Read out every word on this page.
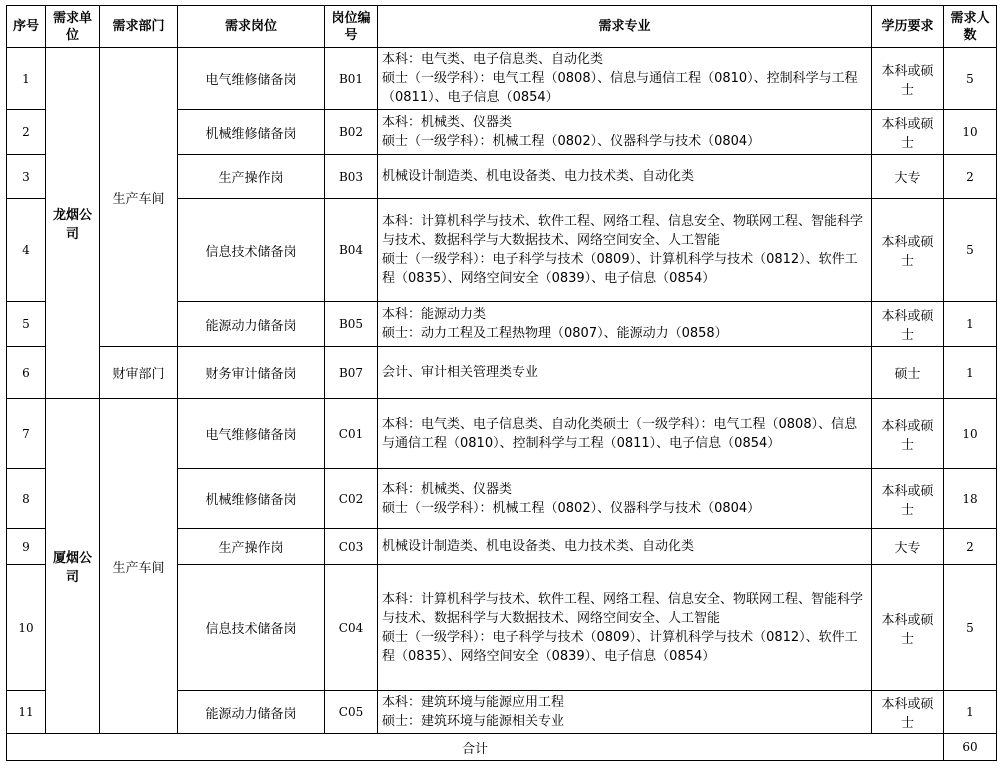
序号	需求单位	需求部门	需求岗位	岗位编号	需求专业	学历要求	需求人数
1	龙烟公司	生产车间	电气维修储备岗	B01	本科：电气类、电子信息类、自动化类
硕士（一级学科）：电气工程（0808）、信息与通信工程（0810）、控制科学与工程（0811）、电子信息（0854）	本科或硕士	5
2			机械维修储备岗	B02	本科：机械类、仪器类
硕士（一级学科）：机械工程（0802）、仪器科学与技术（0804）	本科或硕士	10
3			生产操作岗	B03	机械设计制造类、机电设备类、电力技术类、自动化类	大专	2
4			信息技术储备岗	B04	本科：计算机科学与技术、软件工程、网络工程、信息安全、物联网工程、智能科学与技术、数据科学与大数据技术、网络空间安全、人工智能
硕士（一级学科）：电子科学与技术（0809）、计算机科学与技术（0812）、软件工程（0835）、网络空间安全（0839）、电子信息（0854）	本科或硕士	5
5			能源动力储备岗	B05	本科：能源动力类
硕士：动力工程及工程热物理（0807）、能源动力（0858）	本科或硕士	1
6		财审部门	财务审计储备岗	B07	会计、审计相关管理类专业	硕士	1
7	厦烟公司	生产车间	电气维修储备岗	C01	本科：电气类、电子信息类、自动化类硕士（一级学科）：电气工程（0808）、信息与通信工程（0810）、控制科学与工程（0811）、电子信息（0854）	本科或硕士	10
8			机械维修储备岗	C02	本科：机械类、仪器类
硕士（一级学科）：机械工程（0802）、仪器科学与技术（0804）	本科或硕士	18
9			生产操作岗	C03	机械设计制造类、机电设备类、电力技术类、自动化类	大专	2
10			信息技术储备岗	C04	本科：计算机科学与技术、软件工程、网络工程、信息安全、物联网工程、智能科学与技术、数据科学与大数据技术、网络空间安全、人工智能
硕士（一级学科）：电子科学与技术（0809）、计算机科学与技术（0812）、软件工程（0835）、网络空间安全（0839）、电子信息（0854）	本科或硕士	5
11			能源动力储备岗	C05	本科：建筑环境与能源应用工程
硕士：建筑环境与能源相关专业	本科或硕士	1
合计							60
